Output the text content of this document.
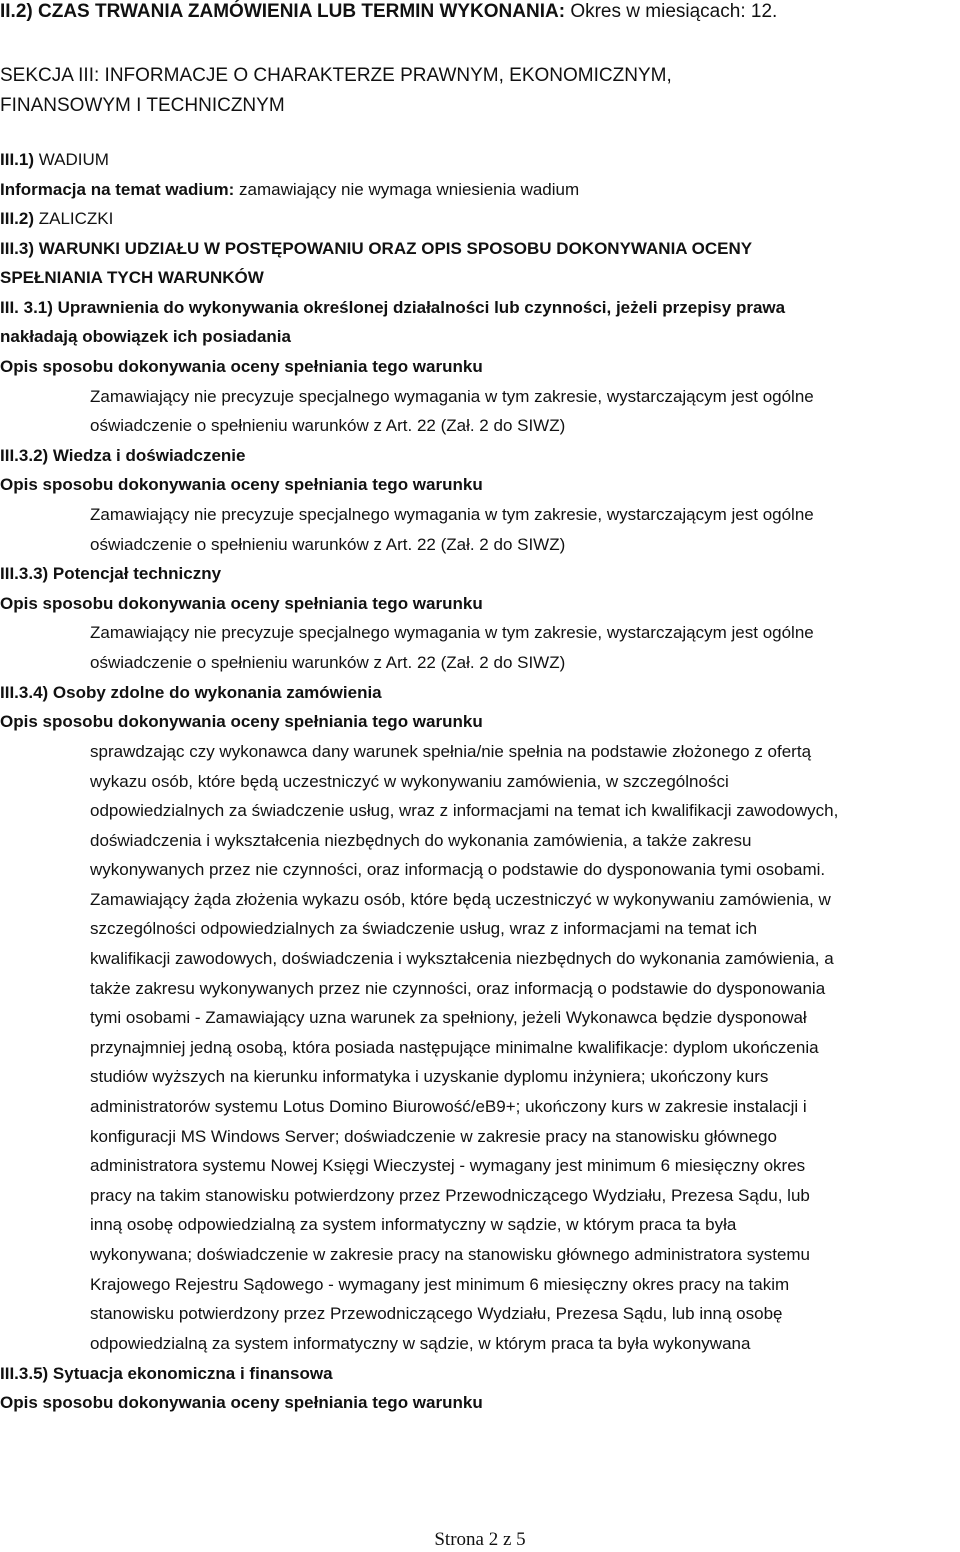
II.2) CZAS TRWANIA ZAMÓWIENIA LUB TERMIN WYKONANIA: Okres w miesiącach: 12.
SEKCJA III: INFORMACJE O CHARAKTERZE PRAWNYM, EKONOMICZNYM,
FINANSOWYM I TECHNICZNYM
III.1) WADIUM
Informacja na temat wadium: zamawiający nie wymaga wniesienia wadium
III.2) ZALICZKI
III.3) WARUNKI UDZIAŁU W POSTĘPOWANIU ORAZ OPIS SPOSOBU DOKONYWANIA OCENY
SPEŁNIANIA TYCH WARUNKÓW
III. 3.1) Uprawnienia do wykonywania określonej działalności lub czynności, jeżeli przepisy prawa
nakładają obowiązek ich posiadania
Opis sposobu dokonywania oceny spełniania tego warunku
Zamawiający nie precyzuje specjalnego wymagania w tym zakresie, wystarczającym jest ogólne
oświadczenie o spełnieniu warunków z Art. 22 (Zał. 2 do SIWZ)
III.3.2) Wiedza i doświadczenie
Opis sposobu dokonywania oceny spełniania tego warunku
Zamawiający nie precyzuje specjalnego wymagania w tym zakresie, wystarczającym jest ogólne
oświadczenie o spełnieniu warunków z Art. 22 (Zał. 2 do SIWZ)
III.3.3) Potencjał techniczny
Opis sposobu dokonywania oceny spełniania tego warunku
Zamawiający nie precyzuje specjalnego wymagania w tym zakresie, wystarczającym jest ogólne
oświadczenie o spełnieniu warunków z Art. 22 (Zał. 2 do SIWZ)
III.3.4) Osoby zdolne do wykonania zamówienia
Opis sposobu dokonywania oceny spełniania tego warunku
sprawdzając czy wykonawca dany warunek spełnia/nie spełnia na podstawie złożonego z ofertą
wykazu osób, które będą uczestniczyć w wykonywaniu zamówienia, w szczególności
odpowiedzialnych za świadczenie usług, wraz z informacjami na temat ich kwalifikacji zawodowych,
doświadczenia i wykształcenia niezbędnych do wykonania zamówienia, a także zakresu
wykonywanych przez nie czynności, oraz informacją o podstawie do dysponowania tymi osobami.
Zamawiający żąda złożenia wykazu osób, które będą uczestniczyć w wykonywaniu zamówienia, w
szczególności odpowiedzialnych za świadczenie usług, wraz z informacjami na temat ich
kwalifikacji zawodowych, doświadczenia i wykształcenia niezbędnych do wykonania zamówienia, a
także zakresu wykonywanych przez nie czynności, oraz informacją o podstawie do dysponowania
tymi osobami - Zamawiający uzna warunek za spełniony, jeżeli Wykonawca będzie dysponował
przynajmniej jedną osobą, która posiada następujące minimalne kwalifikacje: dyplom ukończenia
studiów wyższych na kierunku informatyka i uzyskanie dyplomu inżyniera; ukończony kurs
administratorów systemu Lotus Domino Biurowość/eB9+; ukończony kurs w zakresie instalacji i
konfiguracji MS Windows Server; doświadczenie w zakresie pracy na stanowisku głównego
administratora systemu Nowej Księgi Wieczystej - wymagany jest minimum 6 miesięczny okres
pracy na takim stanowisku potwierdzony przez Przewodniczącego Wydziału, Prezesa Sądu, lub
inną osobę odpowiedzialną za system informatyczny w sądzie, w którym praca ta była
wykonywana; doświadczenie w zakresie pracy na stanowisku głównego administratora systemu
Krajowego Rejestru Sądowego - wymagany jest minimum 6 miesięczny okres pracy na takim
stanowisku potwierdzony przez Przewodniczącego Wydziału, Prezesa Sądu, lub inną osobę
odpowiedzialną za system informatyczny w sądzie, w którym praca ta była wykonywana
III.3.5) Sytuacja ekonomiczna i finansowa
Opis sposobu dokonywania oceny spełniania tego warunku
Strona 2 z 5
